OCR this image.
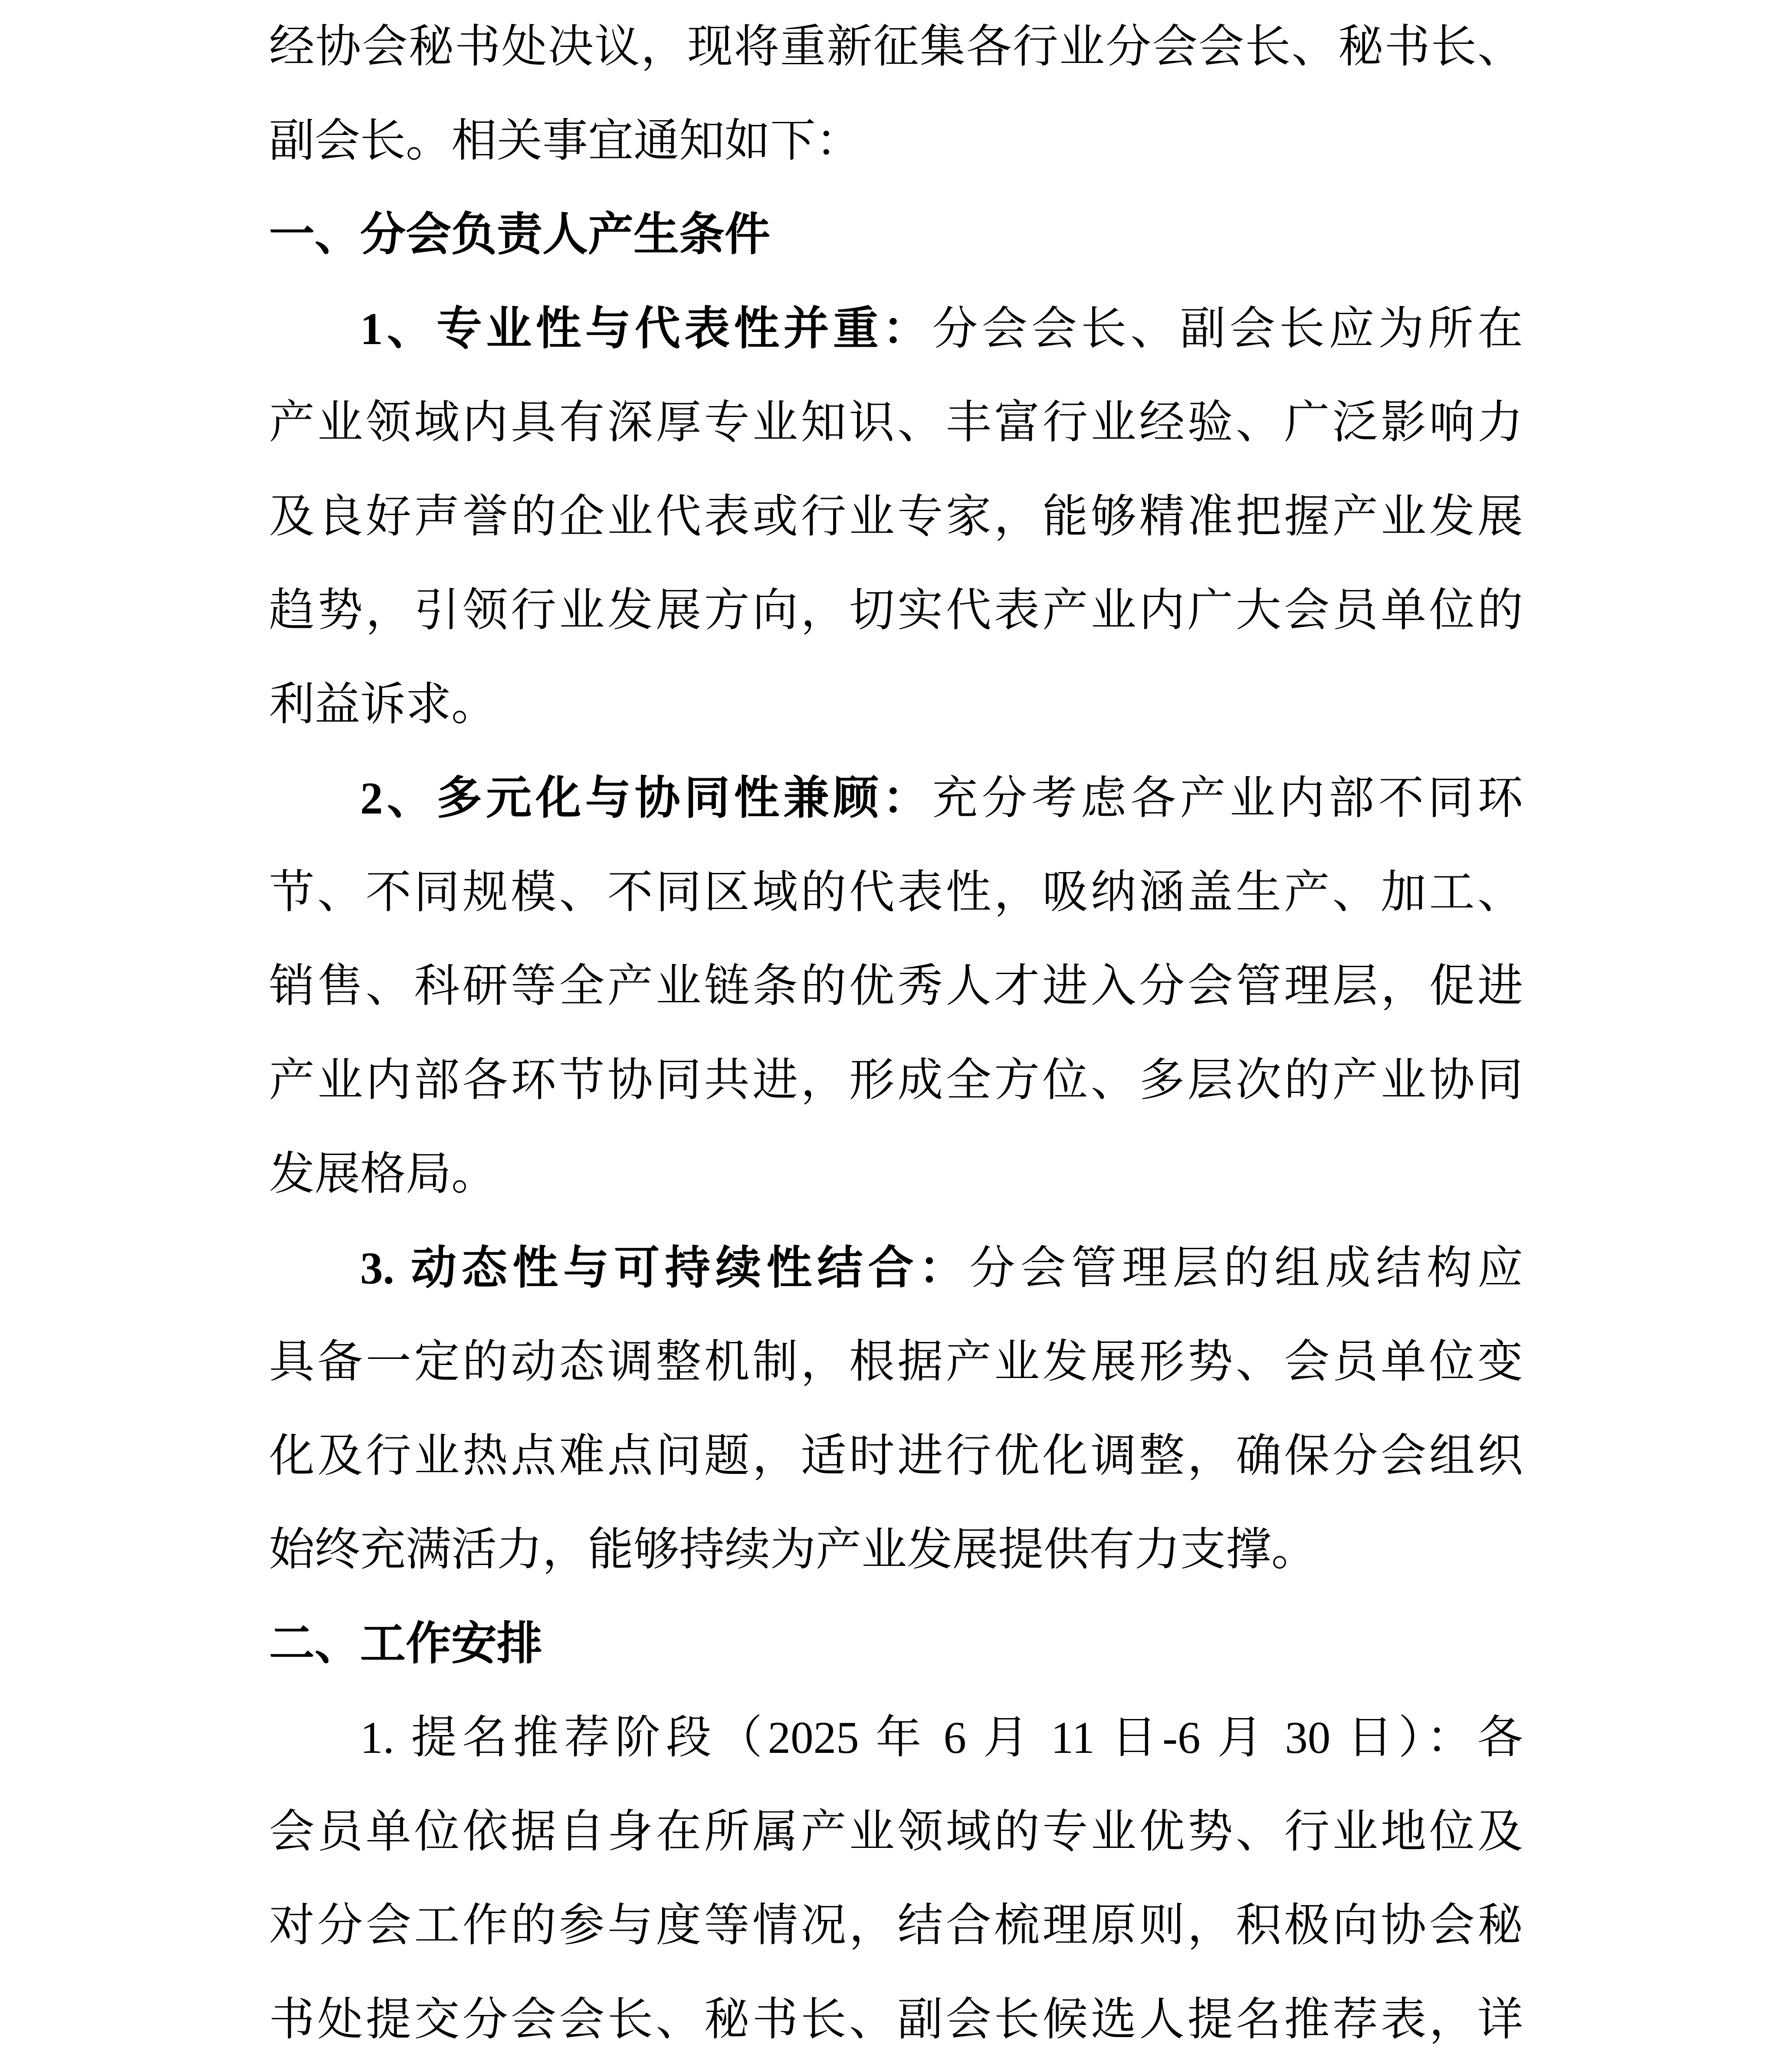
经协会秘书处决议，现将重新征集各行业分会会长、秘书长、

副会长。相关事宜通知如下：

一、分会负责人产生条件

1、专业性与代表性并重：分会会长、副会长应为所在

产业领域内具有深厚专业知识、丰富行业经验、广泛影响力

及良好声誉的企业代表或行业专家，能够精准把握产业发展

趋势，引领行业发展方向，切实代表产业内广大会员单位的

利益诉求。

2、多元化与协同性兼顾：充分考虑各产业内部不同环

节、不同规模、不同区域的代表性，吸纳涵盖生产、加工、

销售、科研等全产业链条的优秀人才进入分会管理层，促进

产业内部各环节协同共进，形成全方位、多层次的产业协同

发展格局。

3. 动态性与可持续性结合：分会管理层的组成结构应

具备一定的动态调整机制，根据产业发展形势、会员单位变

化及行业热点难点问题，适时进行优化调整，确保分会组织

始终充满活力，能够持续为产业发展提供有力支撑。

二、工作安排

1. 提名推荐阶段（2025 年 6 月 11 日-6 月 30 日）：各

会员单位依据自身在所属产业领域的专业优势、行业地位及

对分会工作的参与度等情况，结合梳理原则，积极向协会秘

书处提交分会会长、秘书长、副会长候选人提名推荐表，详
